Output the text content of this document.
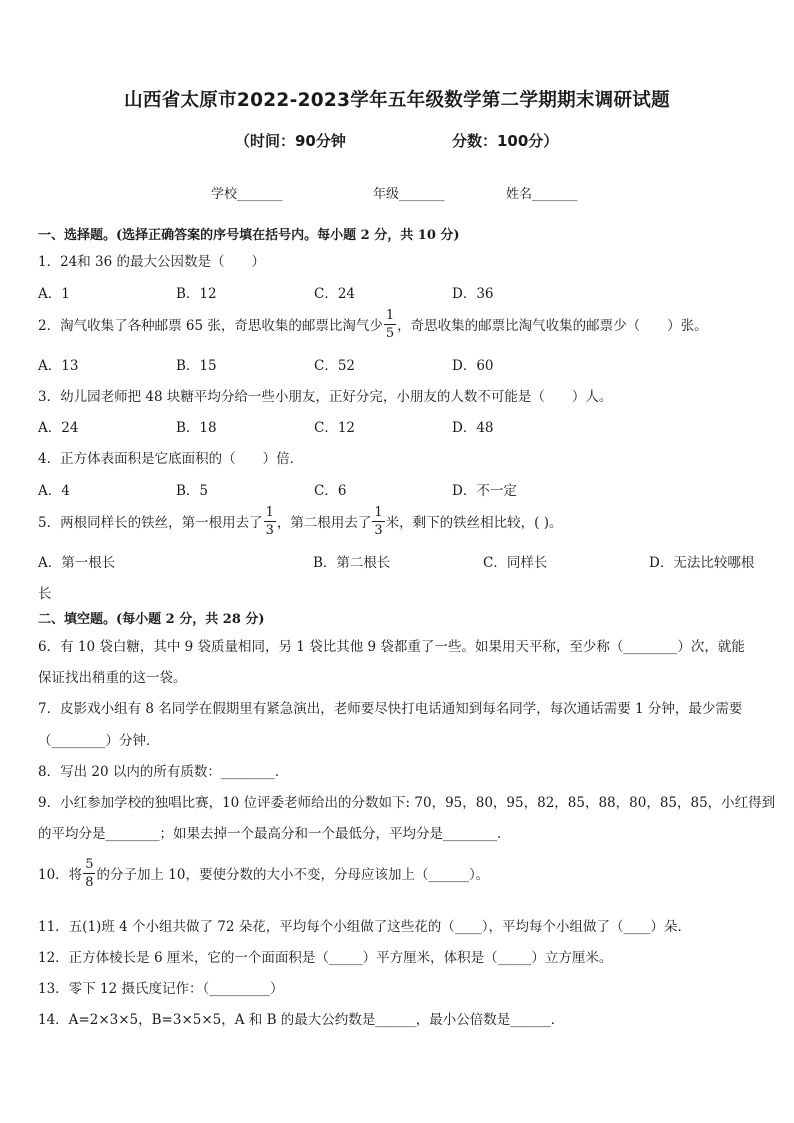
山西省太原市2022-2023学年五年级数学第二学期期末调研试题
（时间：90分钟	分数：100分）
学校_______	年级_______	姓名_______
一、选择题。(选择正确答案的序号填在括号内。每小题 2 分，共 10 分)
1．24和 36 的最大公因数是（　　）
A．1	B．12	C．24	D．36
2．淘气收集了各种邮票 65 张，奇思收集的邮票比淘气少 $\frac{1}{5}$ ，奇思收集的邮票比淘气收集的邮票少（　　）张。
A．13	B．15	C．52	D．60
3．幼儿园老师把 48 块糖平均分给一些小朋友，正好分完，小朋友的人数不可能是（　　）人。
A．24	B．18	C．12	D．48
4．正方体表面积是它底面积的（　　）倍．
A．4	B．5	C．6	D．不一定
5．两根同样长的铁丝，第一根用去了 $\frac{1}{3}$ ，第二根用去了 $\frac{1}{3}$ 米，剩下的铁丝相比较，( )。
A．第一根长	B．第二根长	C．同样长	D．无法比较哪根
长
二、填空题。(每小题 2 分，共 28 分)
6．有 10 袋白糖，其中 9 袋质量相同，另 1 袋比其他 9 袋都重了一些。如果用天平称，至少称（________）次，就能
保证找出稍重的这一袋。
7．皮影戏小组有 8 名同学在假期里有紧急演出，老师要尽快打电话通知到每名同学，每次通话需要 1 分钟，最少需要
（________）分钟．
8．写出 20 以内的所有质数：________．
9．小红参加学校的独唱比赛，10 位评委老师给出的分数如下: 70，95，80，95，82，85，88，80，85，85，小红得到
的平均分是________；如果去掉一个最高分和一个最低分，平均分是________．
10．将 $\frac{5}{8}$ 的分子加上 10，要使分数的大小不变，分母应该加上（______）。
11．五(1)班 4 个小组共做了 72 朵花，平均每个小组做了这些花的（____），平均每个小组做了（____）朵．
12．正方体棱长是 6 厘米，它的一个面面积是（_____）平方厘米，体积是（_____）立方厘米。
13．零下 12 摄氏度记作：（_________）
14．A=2×3×5，B=3×5×5，A 和 B 的最大公约数是______，最小公倍数是______．
